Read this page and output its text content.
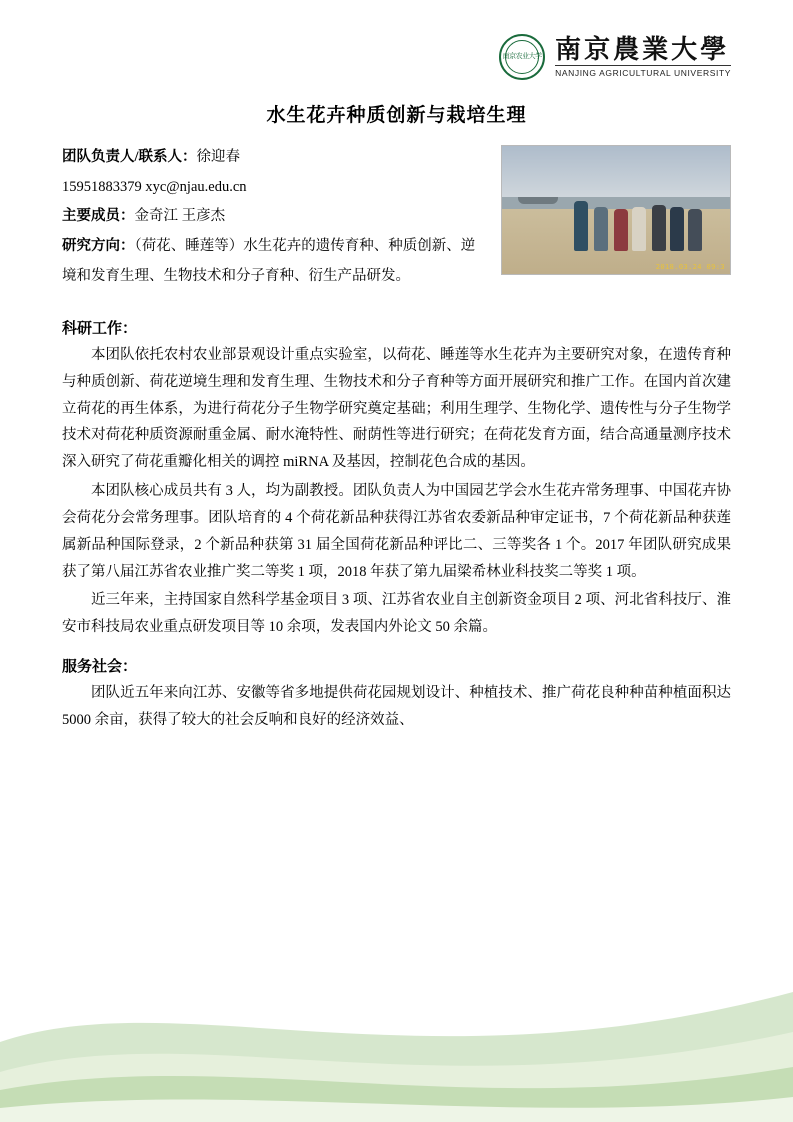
南京农业大学 南京農業大學
NANJING AGRICULTURAL UNIVERSITY
水生花卉种质创新与栽培生理
2018.03.24 09:3

团队负责人/联系人：徐迎春

15951883379 xyc@njau.edu.cn

主要成员：金奇江 王彦杰

研究方向：（荷花、睡莲等）水生花卉的遗传育种、种质创新、逆境和发育生理、生物技术和分子育种、衍生产品研发。

科研工作：

本团队依托农村农业部景观设计重点实验室，以荷花、睡莲等水生花卉为主要研究对象，在遗传育种与种质创新、荷花逆境生理和发育生理、生物技术和分子育种等方面开展研究和推广工作。在国内首次建立荷花的再生体系，为进行荷花分子生物学研究奠定基础；利用生理学、生物化学、遗传性与分子生物学技术对荷花种质资源耐重金属、耐水淹特性、耐荫性等进行研究；在荷花发育方面，结合高通量测序技术深入研究了荷花重瓣化相关的调控 miRNA 及基因，控制花色合成的基因。

本团队核心成员共有 3 人，均为副教授。团队负责人为中国园艺学会水生花卉常务理事、中国花卉协会荷花分会常务理事。团队培育的 4 个荷花新品种获得江苏省农委新品种审定证书，7 个荷花新品种获莲属新品种国际登录，2 个新品种获第 31 届全国荷花新品种评比二、三等奖各 1 个。2017 年团队研究成果获了第八届江苏省农业推广奖二等奖 1 项，2018 年获了第九届梁希林业科技奖二等奖 1 项。

近三年来，主持国家自然科学基金项目 3 项、江苏省农业自主创新资金项目 2 项、河北省科技厅、淮安市科技局农业重点研发项目等 10 余项，发表国内外论文 50 余篇。

服务社会：

团队近五年来向江苏、安徽等省多地提供荷花园规划设计、种植技术、推广荷花良种种苗种植面积达 5000 余亩，获得了较大的社会反响和良好的经济效益、
